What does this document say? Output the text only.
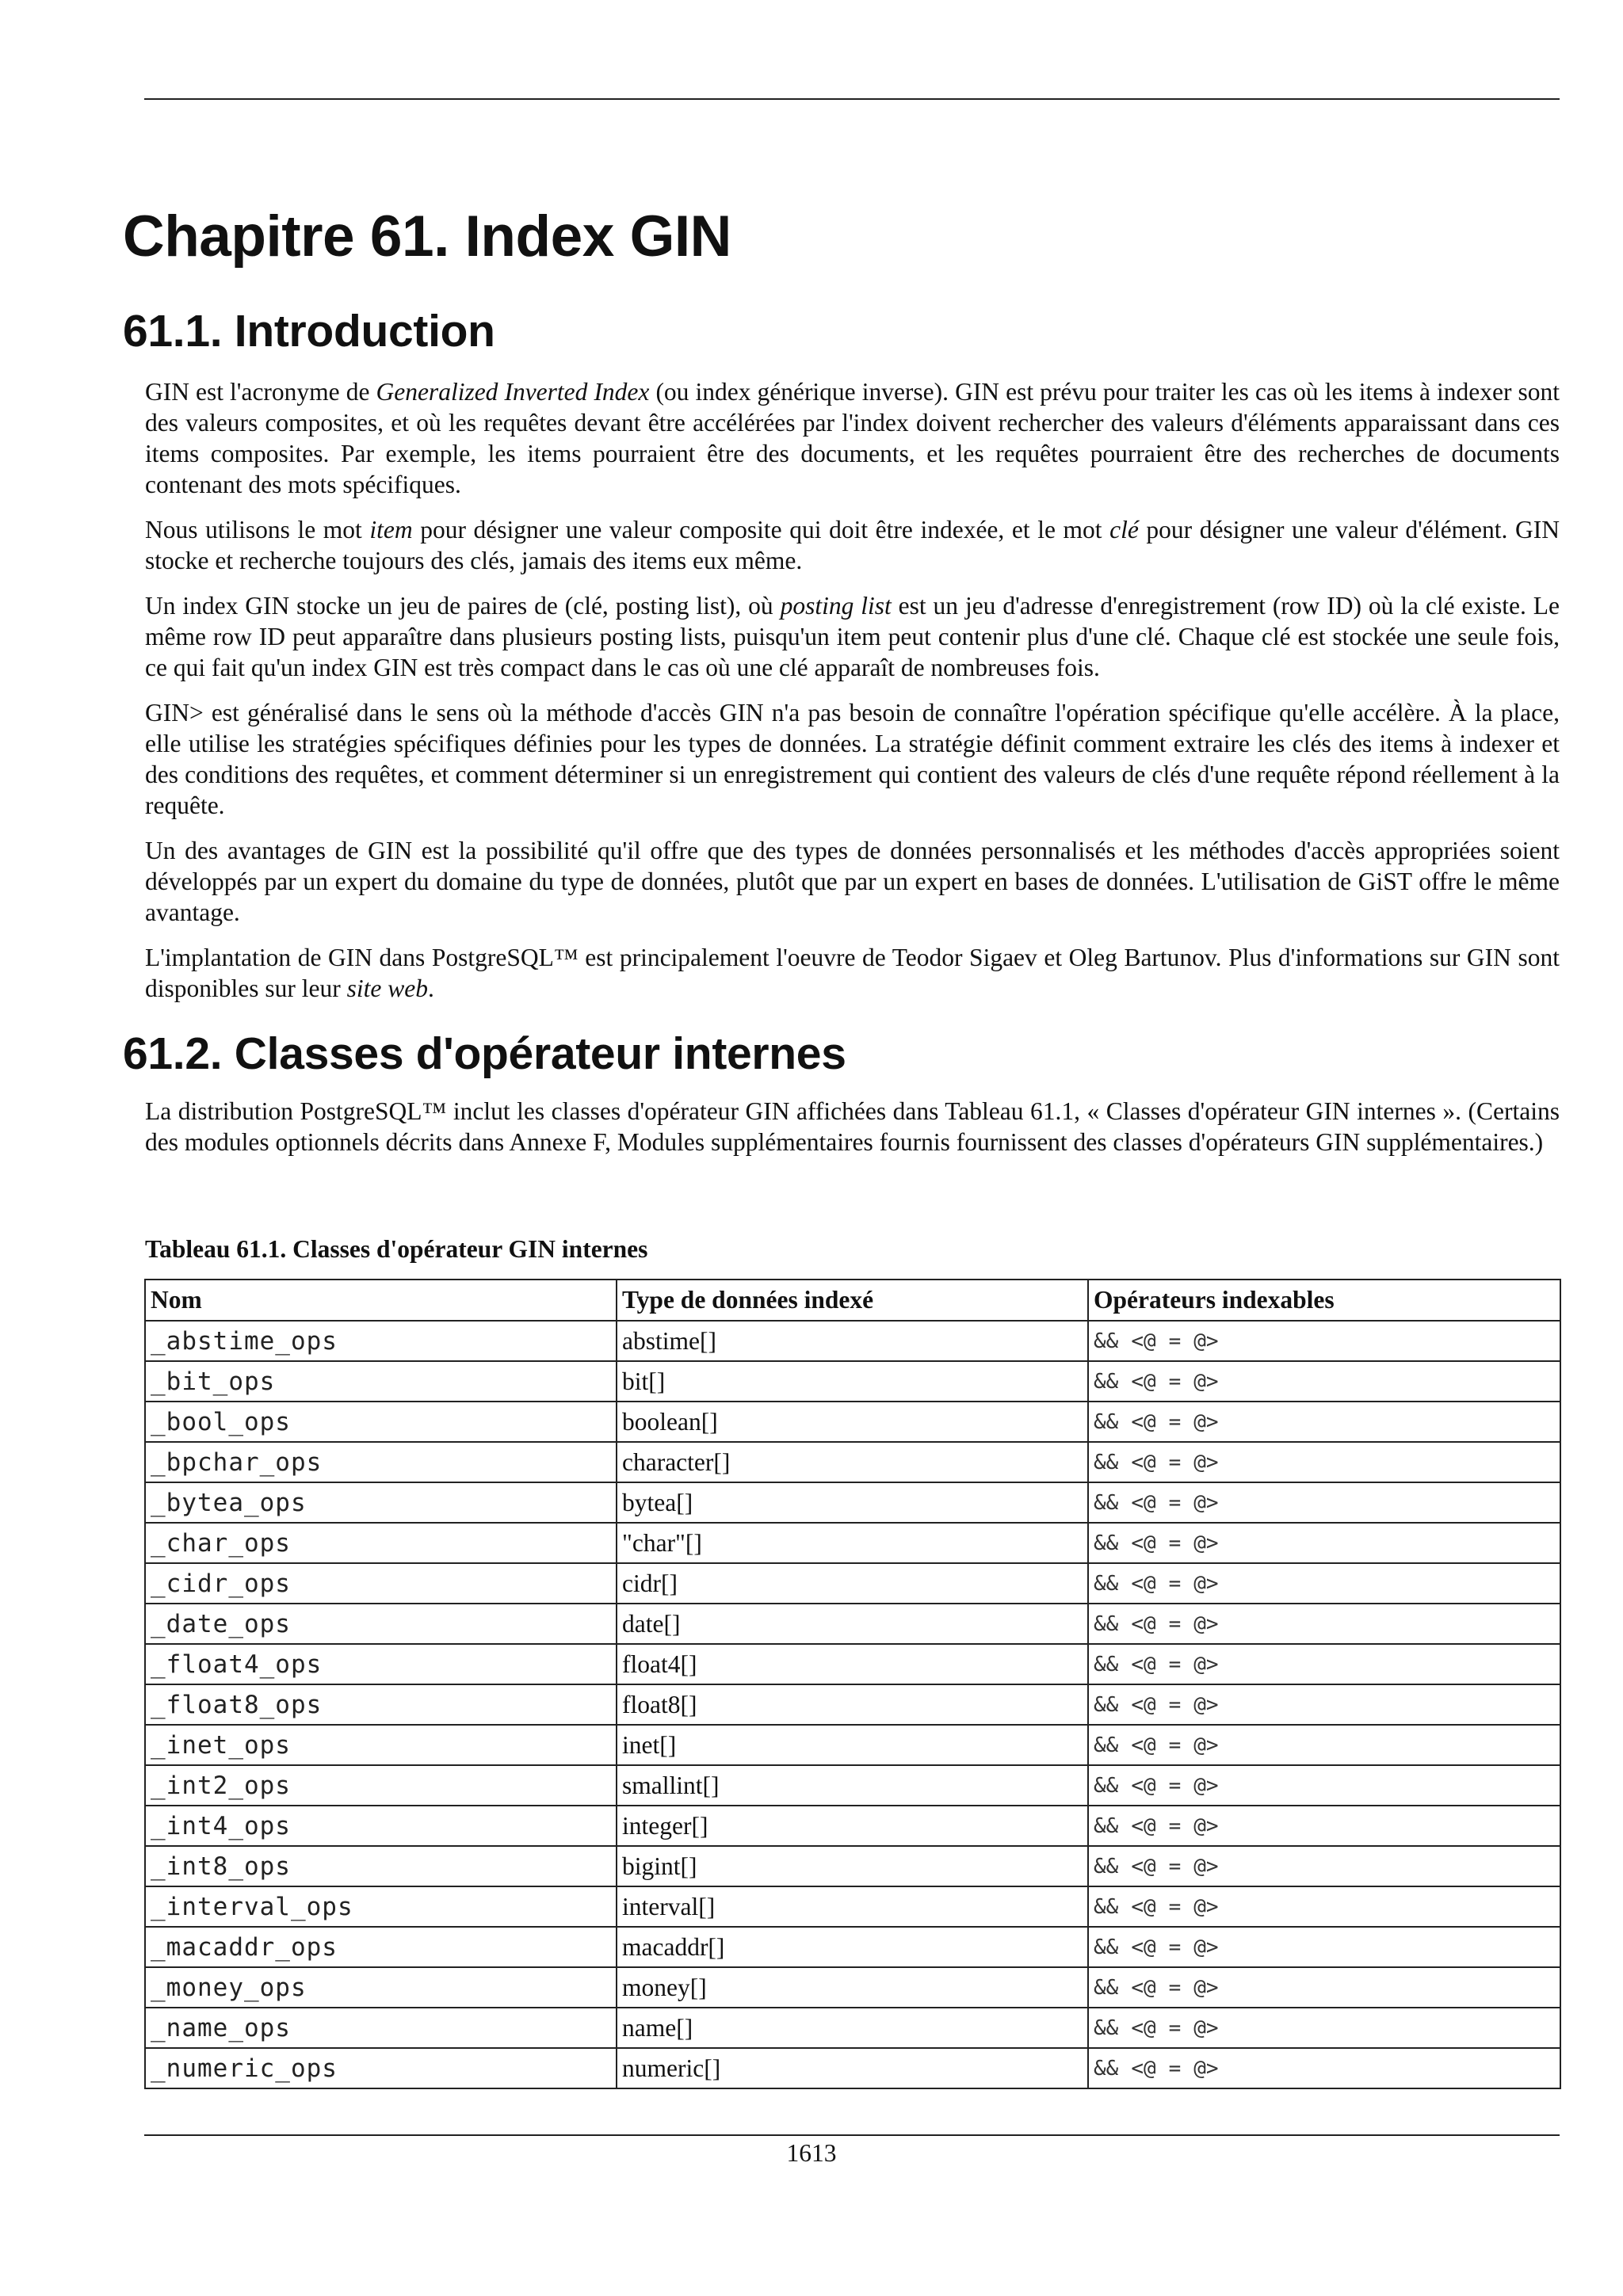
Chapitre 61. Index GIN
61.1. Introduction

GIN est l'acronyme de Generalized Inverted Index (ou index générique inverse). GIN est prévu pour traiter les cas où les items à indexer sont des valeurs composites, et où les requêtes devant être accélérées par l'index doivent rechercher des valeurs d'éléments apparaissant dans ces items composites. Par exemple, les items pourraient être des documents, et les requêtes pourraient être des recherches de documents contenant des mots spécifiques.

Nous utilisons le mot item pour désigner une valeur composite qui doit être indexée, et le mot clé pour désigner une valeur d'élément. GIN stocke et recherche toujours des clés, jamais des items eux même.

Un index GIN stocke un jeu de paires de (clé, posting list), où posting list est un jeu d'adresse d'enregistrement (row ID) où la clé existe. Le même row ID peut apparaître dans plusieurs posting lists, puisqu'un item peut contenir plus d'une clé. Chaque clé est stockée une seule fois, ce qui fait qu'un index GIN est très compact dans le cas où une clé apparaît de nombreuses fois.

GIN> est généralisé dans le sens où la méthode d'accès GIN n'a pas besoin de connaître l'opération spécifique qu'elle accélère. À la place, elle utilise les stratégies spécifiques définies pour les types de données. La stratégie définit comment extraire les clés des items à indexer et des conditions des requêtes, et comment déterminer si un enregistrement qui contient des valeurs de clés d'une requête répond réellement à la requête.

Un des avantages de GIN est la possibilité qu'il offre que des types de données personnalisés et les méthodes d'accès appropriées soient développés par un expert du domaine du type de données, plutôt que par un expert en bases de données. L'utilisation de GiST offre le même avantage.

L'implantation de GIN dans PostgreSQL™ est principalement l'oeuvre de Teodor Sigaev et Oleg Bartunov. Plus d'informations sur GIN sont disponibles sur leur site web.

61.2. Classes d'opérateur internes

La distribution PostgreSQL™ inclut les classes d'opérateur GIN affichées dans Tableau 61.1, « Classes d'opérateur GIN internes ». (Certains des modules optionnels décrits dans Annexe F, Modules supplémentaires fournis fournissent des classes d'opérateurs GIN supplémentaires.)

Tableau 61.1. Classes d'opérateur GIN internes
Nom	Type de données indexé	Opérateurs indexables
_abstime_ops	abstime[]	&& <@ = @>
_bit_ops	bit[]	&& <@ = @>
_bool_ops	boolean[]	&& <@ = @>
_bpchar_ops	character[]	&& <@ = @>
_bytea_ops	bytea[]	&& <@ = @>
_char_ops	"char"[]	&& <@ = @>
_cidr_ops	cidr[]	&& <@ = @>
_date_ops	date[]	&& <@ = @>
_float4_ops	float4[]	&& <@ = @>
_float8_ops	float8[]	&& <@ = @>
_inet_ops	inet[]	&& <@ = @>
_int2_ops	smallint[]	&& <@ = @>
_int4_ops	integer[]	&& <@ = @>
_int8_ops	bigint[]	&& <@ = @>
_interval_ops	interval[]	&& <@ = @>
_macaddr_ops	macaddr[]	&& <@ = @>
_money_ops	money[]	&& <@ = @>
_name_ops	name[]	&& <@ = @>
_numeric_ops	numeric[]	&& <@ = @>
1613
